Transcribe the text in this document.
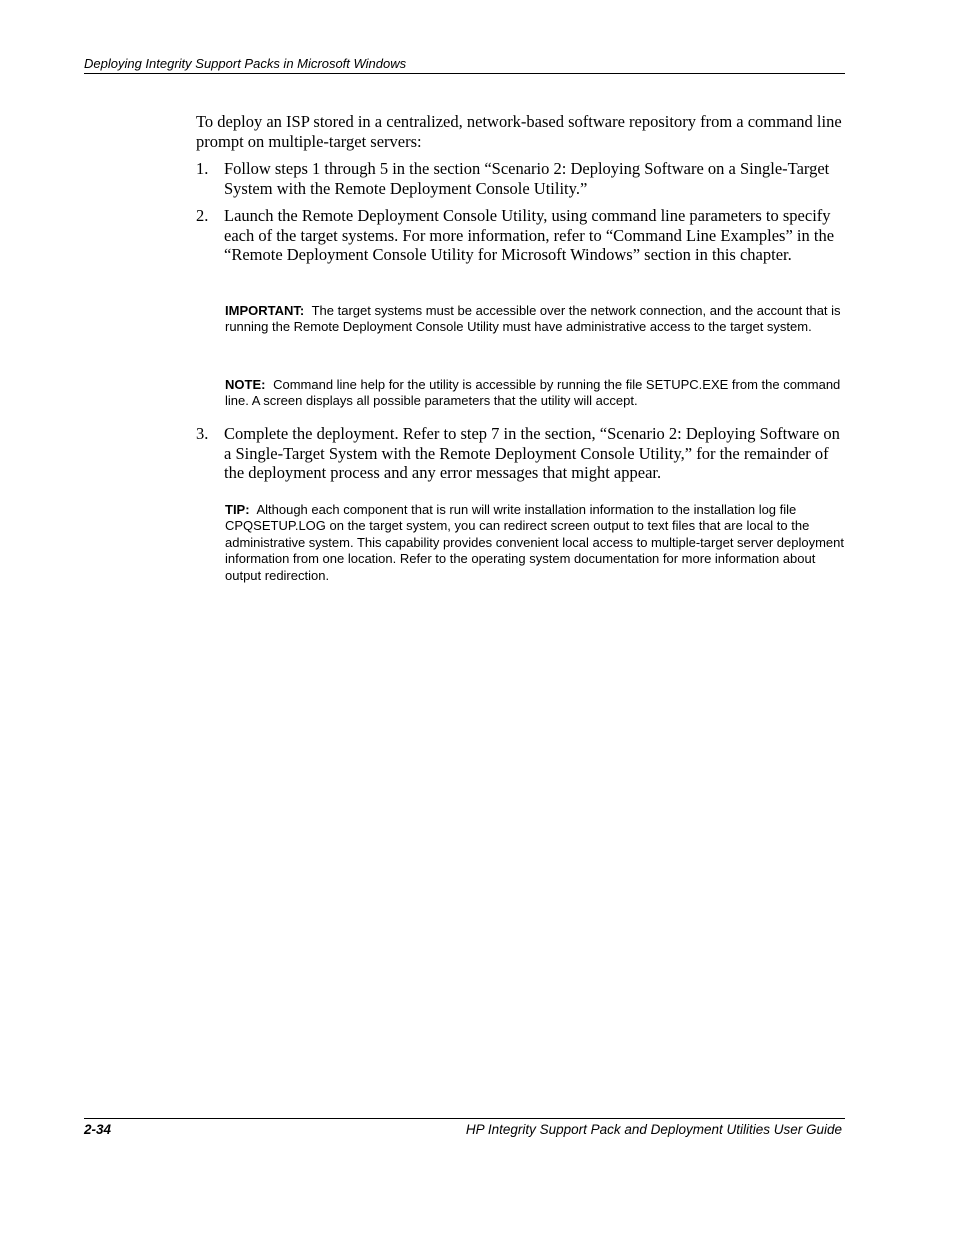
Deploying Integrity Support Packs in Microsoft Windows

To deploy an ISP stored in a centralized, network-based software repository from a command line prompt on multiple-target servers:

1. Follow steps 1 through 5 in the section “Scenario 2: Deploying Software on a Single-Target System with the Remote Deployment Console Utility.”
2. Launch the Remote Deployment Console Utility, using command line parameters to specify each of the target systems. For more information, refer to “Command Line Examples” in the “Remote Deployment Console Utility for Microsoft Windows” section in this chapter.
IMPORTANT: The target systems must be accessible over the network connection, and the account that is running the Remote Deployment Console Utility must have administrative access to the target system.
NOTE: Command line help for the utility is accessible by running the file SETUPC.EXE from the command line. A screen displays all possible parameters that the utility will accept.
3. Complete the deployment. Refer to step 7 in the section, “Scenario 2: Deploying Software on a Single-Target System with the Remote Deployment Console Utility,” for the remainder of the deployment process and any error messages that might appear.
TIP: Although each component that is run will write installation information to the installation log file CPQSETUP.LOG on the target system, you can redirect screen output to text files that are local to the administrative system. This capability provides convenient local access to multiple-target server deployment information from one location. Refer to the operating system documentation for more information about output redirection.
2-34	HP Integrity Support Pack and Deployment Utilities User Guide
